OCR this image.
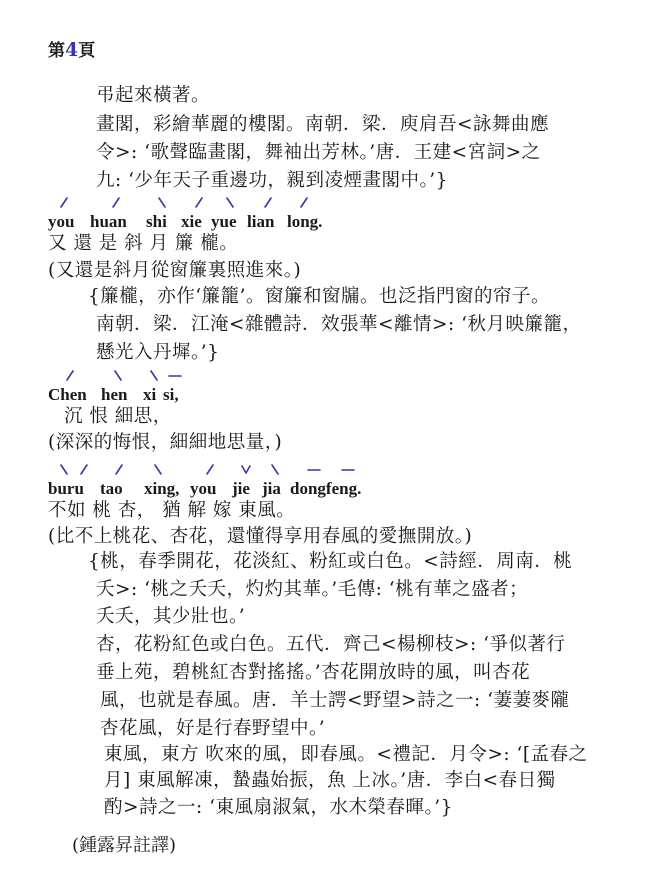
第4頁
弔起來橫著。
畫閣，彩繪華麗的樓閣。南朝．梁．庾肩吾<詠舞曲應
令>: ‘歌聲臨畫閣，舞袖出芳林。’唐．王建<宮詞>之
九: ‘少年天子重邊功，親到凌煙畫閣中。’}
you huan shi xie yue lian long.
又 還 是 斜 月 簾 櫳。
(又還是斜月從窗簾裏照進來。)
{簾櫳，亦作‘簾籠’。窗簾和窗牖。也泛指門窗的帘子。
南朝．梁．江淹<雜體詩．效張華<離情>: ‘秋月映簾籠，
懸光入丹墀。’}
Chen hen xi si,
沉 恨 細思，
(深深的悔恨，細細地思量，)
buru tao xing, you jie jia dongfeng.
不如 桃 杏， 猶 解 嫁 東風。
(比不上桃花、杏花，還懂得享用春風的愛撫開放。)
{桃，春季開花，花淡紅、粉紅或白色。<詩經．周南．桃
夭>: ‘桃之夭夭，灼灼其華。’毛傳: ‘桃有華之盛者；
夭夭，其少壯也。’
杏，花粉紅色或白色。五代．齊己<楊柳枝>: ‘爭似著行
垂上苑，碧桃紅杏對搖搖。’杏花開放時的風，叫杏花
風，也就是春風。唐．羊士諤<野望>詩之一: ‘萋萋麥隴
杏花風，好是行春野望中。’
東風，東方 吹來的風，即春風。<禮記．月令>: ‘[孟春之
月] 東風解凍，蟄蟲始振，魚 上冰。’唐．李白<春日獨
酌>詩之一: ‘東風扇淑氣，水木榮春暉。’}
(鍾露昇註譯)
